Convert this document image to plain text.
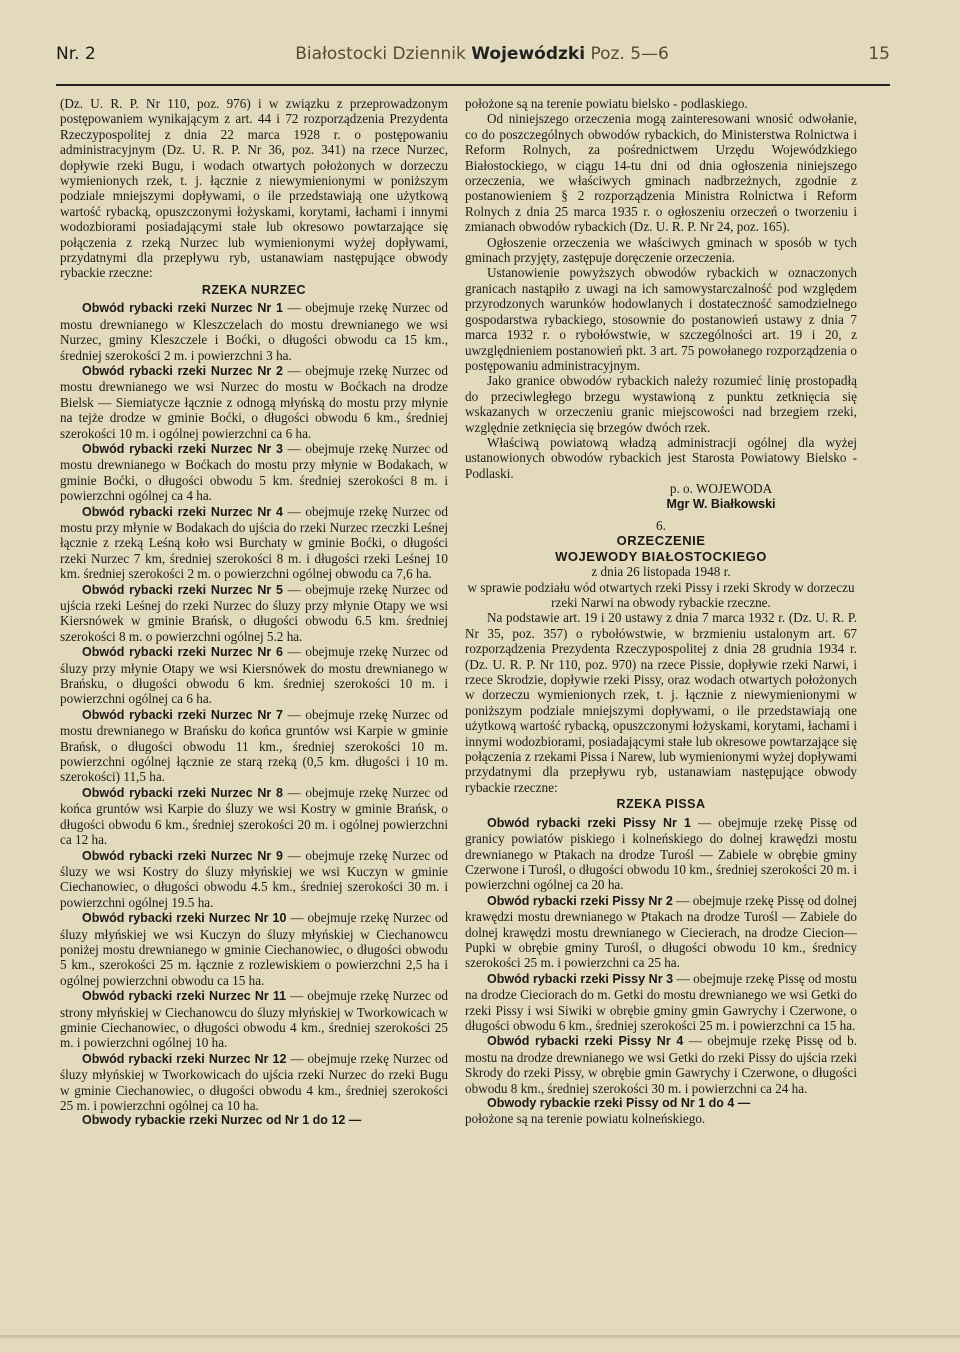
Nr. 2	Białostocki Dziennik Wojewódzki Poz. 5—6	15

(Dz. U. R. P. Nr 110, poz. 976) i w związku z przeprowadzonym postępowaniem wynikającym z art. 44 i 72 rozporządzenia Prezydenta Rzeczypospolitej z dnia 22 marca 1928 r. o postępowaniu administracyjnym (Dz. U. R. P. Nr 36, poz. 341) na rzece Nurzec, dopływie rzeki Bugu, i wodach otwartych położonych w dorzeczu wymienionych rzek, t. j. łącznie z niewymienionymi w poniższym podziale mniejszymi dopływami, o ile przedstawiają one użytkową wartość rybacką, opuszczonymi łożyskami, korytami, łachami i innymi wodozbiorami posiadającymi stałe lub okresowo powtarzające się połączenia z rzeką Nurzec lub wymienionymi wyżej dopływami, przydatnymi dla przepływu ryb, ustanawiam następujące obwody rybackie rzeczne:

RZEKA NURZEC

Obwód rybacki rzeki Nurzec Nr 1 — obejmuje rzekę Nurzec od mostu drewnianego w Kleszczelach do mostu drewnianego we wsi Nurzec, gminy Kleszczele i Boćki, o długości obwodu ca 15 km., średniej szerokości 2 m. i powierzchni 3 ha.

Obwód rybacki rzeki Nurzec Nr 2 — obejmuje rzekę Nurzec od mostu drewnianego we wsi Nurzec do mostu w Boćkach na drodze Bielsk — Siemiatycze łącznie z odnogą młyńską do mostu przy młynie na tejże drodze w gminie Boćki, o długości obwodu 6 km., średniej szerokości 10 m. i ogólnej powierzchni ca 6 ha.

Obwód rybacki rzeki Nurzec Nr 3 — obejmuje rzekę Nurzec od mostu drewnianego w Boćkach do mostu przy młynie w Bodakach, w gminie Boćki, o długości obwodu 5 km. średniej szerokości 8 m. i powierzchni ogólnej ca 4 ha.

Obwód rybacki rzeki Nurzec Nr 4 — obejmuje rzekę Nurzec od mostu przy młynie w Bodakach do ujścia do rzeki Nurzec rzeczki Leśnej łącznie z rzeką Leśną koło wsi Burchaty w gminie Boćki, o długości rzeki Nurzec 7 km, średniej szerokości 8 m. i długości rzeki Leśnej 10 km. średniej szerokości 2 m. o powierzchni ogólnej obwodu ca 7,6 ha.

Obwód rybacki rzeki Nurzec Nr 5 — obejmuje rzekę Nurzec od ujścia rzeki Leśnej do rzeki Nurzec do śluzy przy młynie Otapy we wsi Kiersnówek w gminie Brańsk, o długości obwodu 6.5 km. średniej szerokości 8 m. o powierzchni ogólnej 5.2 ha.

Obwód rybacki rzeki Nurzec Nr 6 — obejmuje rzekę Nurzec od śluzy przy młynie Otapy we wsi Kiersnówek do mostu drewnianego w Brańsku, o długości obwodu 6 km. średniej szerokości 10 m. i powierzchni ogólnej ca 6 ha.

Obwód rybacki rzeki Nurzec Nr 7 — obejmuje rzekę Nurzec od mostu drewnianego w Brańsku do końca gruntów wsi Karpie w gminie Brańsk, o długości obwodu 11 km., średniej szerokości 10 m. powierzchni ogólnej łącznie ze starą rzeką (0,5 km. długości i 10 m. szerokości) 11,5 ha.

Obwód rybacki rzeki Nurzec Nr 8 — obejmuje rzekę Nurzec od końca gruntów wsi Karpie do śluzy we wsi Kostry w gminie Brańsk, o długości obwodu 6 km., średniej szerokości 20 m. i ogólnej powierzchni ca 12 ha.

Obwód rybacki rzeki Nurzec Nr 9 — obejmuje rzekę Nurzec od śluzy we wsi Kostry do śluzy młyńskiej we wsi Kuczyn w gminie Ciechanowiec, o długości obwodu 4.5 km., średniej szerokości 30 m. i powierzchni ogólnej 19.5 ha.

Obwód rybacki rzeki Nurzec Nr 10 — obejmuje rzekę Nurzec od śluzy młyńskiej we wsi Kuczyn do śluzy młyńskiej w Ciechanowcu poniżej mostu drewnianego w gminie Ciechanowiec, o długości obwodu 5 km., szerokości 25 m. łącznie z rozlewiskiem o powierzchni 2,5 ha i ogólnej powierzchni obwodu ca 15 ha.

Obwód rybacki rzeki Nurzec Nr 11 — obejmuje rzekę Nurzec od strony młyńskiej w Ciechanowcu do śluzy młyńskiej w Tworkowicach w gminie Ciechanowiec, o długości obwodu 4 km., średniej szerokości 25 m. i powierzchni ogólnej 10 ha.

Obwód rybacki rzeki Nurzec Nr 12 — obejmuje rzekę Nurzec od śluzy młyńskiej w Tworkowicach do ujścia rzeki Nurzec do rzeki Bugu w gminie Ciechanowiec, o długości obwodu 4 km., średniej szerokości 25 m. i powierzchni ogólnej ca 10 ha.

Obwody rybackie rzeki Nurzec od Nr 1 do 12 —

położone są na terenie powiatu bielsko - podlaskiego.

Od niniejszego orzeczenia mogą zainteresowani wnosić odwołanie, co do poszczególnych obwodów rybackich, do Ministerstwa Rolnictwa i Reform Rolnych, za pośrednictwem Urzędu Wojewódzkiego Białostockiego, w ciągu 14-tu dni od dnia ogłoszenia niniejszego orzeczenia, we właściwych gminach nadbrzeżnych, zgodnie z postanowieniem § 2 rozporządzenia Ministra Rolnictwa i Reform Rolnych z dnia 25 marca 1935 r. o ogłoszeniu orzeczeń o tworzeniu i zmianach obwodów rybackich (Dz. U. R. P. Nr 24, poz. 165).

Ogłoszenie orzeczenia we właściwych gminach w sposób w tych gminach przyjęty, zastępuje doręczenie orzeczenia.

Ustanowienie powyższych obwodów rybackich w oznaczonych granicach nastąpiło z uwagi na ich samowystarczalność pod względem przyrodzonych warunków hodowlanych i dostateczność samodzielnego gospodarstwa rybackiego, stosownie do postanowień ustawy z dnia 7 marca 1932 r. o rybołówstwie, w szczególności art. 19 i 20, z uwzględnieniem postanowień pkt. 3 art. 75 powołanego rozporządzenia o postępowaniu administracyjnym.

Jako granice obwodów rybackich należy rozumieć linię prostopadłą do przeciwległego brzegu wystawioną z punktu zetknięcia się wskazanych w orzeczeniu granic miejscowości nad brzegiem rzeki, względnie zetknięcia się brzegów dwóch rzek.

Właściwą powiatową władzą administracji ogólnej dla wyżej ustanowionych obwodów rybackich jest Starosta Powiatowy Bielsko - Podlaski.

p. o. WOJEWODA

Mgr W. Białkowski

6.

ORZECZENIE

WOJEWODY BIAŁOSTOCKIEGO

z dnia 26 listopada 1948 r.

w sprawie podziału wód otwartych rzeki Pissy i rzeki Skrody w dorzeczu rzeki Narwi na obwody rybackie rzeczne.

Na podstawie art. 19 i 20 ustawy z dnia 7 marca 1932 r. (Dz. U. R. P. Nr 35, poz. 357) o rybołówstwie, w brzmieniu ustalonym art. 67 rozporządzenia Prezydenta Rzeczypospolitej z dnia 28 grudnia 1934 r. (Dz. U. R. P. Nr 110, poz. 970) na rzece Pissie, dopływie rzeki Narwi, i rzece Skrodzie, dopływie rzeki Pissy, oraz wodach otwartych położonych w dorzeczu wymienionych rzek, t. j. łącznie z niewymienionymi w poniższym podziale mniejszymi dopływami, o ile przedstawiają one użytkową wartość rybacką, opuszczonymi łożyskami, korytami, łachami i innymi wodozbiorami, posiadającymi stałe lub okresowe powtarzające się połączenia z rzekami Pissa i Narew, lub wymienionymi wyżej dopływami przydatnymi dla przepływu ryb, ustanawiam następujące obwody rybackie rzeczne:

RZEKA PISSA

Obwód rybacki rzeki Pissy Nr 1 — obejmuje rzekę Pissę od granicy powiatów piskiego i kolneńskiego do dolnej krawędzi mostu drewnianego w Ptakach na drodze Turośl — Zabiele w obrębie gminy Czerwone i Turośl, o długości obwodu 10 km., średniej szerokości 20 m. i powierzchni ogólnej ca 20 ha.

Obwód rybacki rzeki Pissy Nr 2 — obejmuje rzekę Pissę od dolnej krawędzi mostu drewnianego w Ptakach na drodze Turośl — Zabiele do dolnej krawędzi mostu drewnianego w Ciecierach, na drodze Ciecion—Pupki w obrębie gminy Turośl, o długości obwodu 10 km., średnicy szerokości 25 m. i powierzchni ca 25 ha.

Obwód rybacki rzeki Pissy Nr 3 — obejmuje rzekę Pissę od mostu na drodze Cieciorach do m. Getki do mostu drewnianego we wsi Getki do rzeki Pissy i wsi Siwiki w obrębie gminy gmin Gawrychy i Czerwone, o długości obwodu 6 km., średniej szerokości 25 m. i powierzchni ca 15 ha.

Obwód rybacki rzeki Pissy Nr 4 — obejmuje rzekę Pissę od b. mostu na drodze drewnianego we wsi Getki do rzeki Pissy do ujścia rzeki Skrody do rzeki Pissy, w obrębie gmin Gawrychy i Czerwone, o długości obwodu 8 km., średniej szerokości 30 m. i powierzchni ca 24 ha.

Obwody rybackie rzeki Pissy od Nr 1 do 4 —

położone są na terenie powiatu kolneńskiego.
